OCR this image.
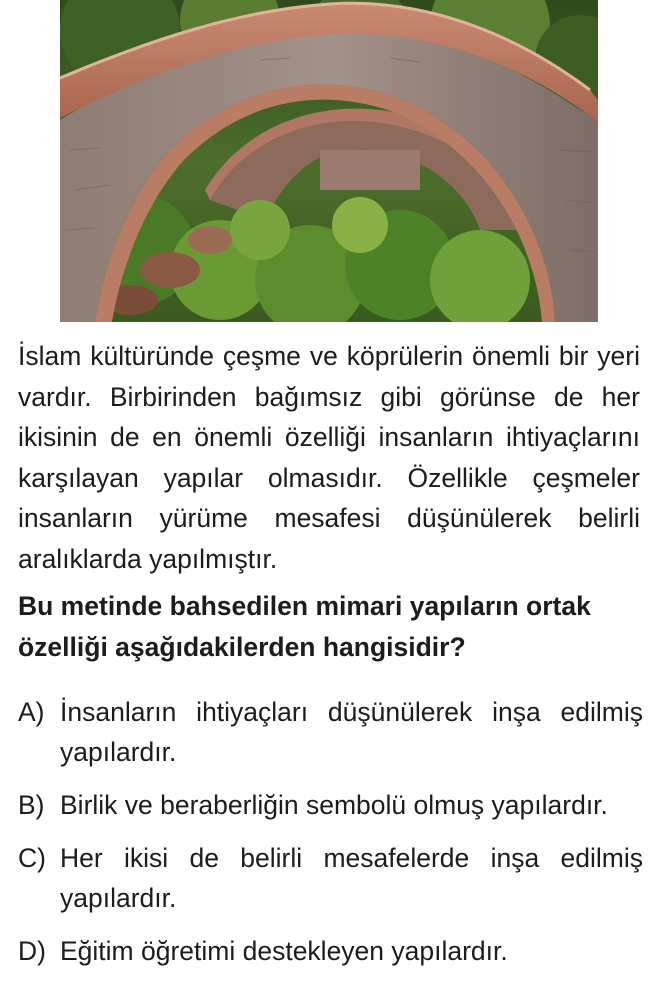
İslam kültüründe çeşme ve köprülerin önemli bir yeri vardır. Birbirinden bağımsız gibi görünse de her ikisinin de en önemli özelliği insanların ihtiyaçlarını karşılayan yapılar olmasıdır. Özellikle çeşmeler insanların yürüme mesafesi düşünülerek belirli aralıklarda yapılmıştır.

Bu metinde bahsedilen mimari yapıların ortak özelliği aşağıdakilerden hangisidir?

A) İnsanların ihtiyaçları düşünülerek inşa edilmiş yapılardır.
B) Birlik ve beraberliğin sembolü olmuş yapılardır.
C) Her ikisi de belirli mesafelerde inşa edilmiş yapılardır.
D) Eğitim öğretimi destekleyen yapılardır.
